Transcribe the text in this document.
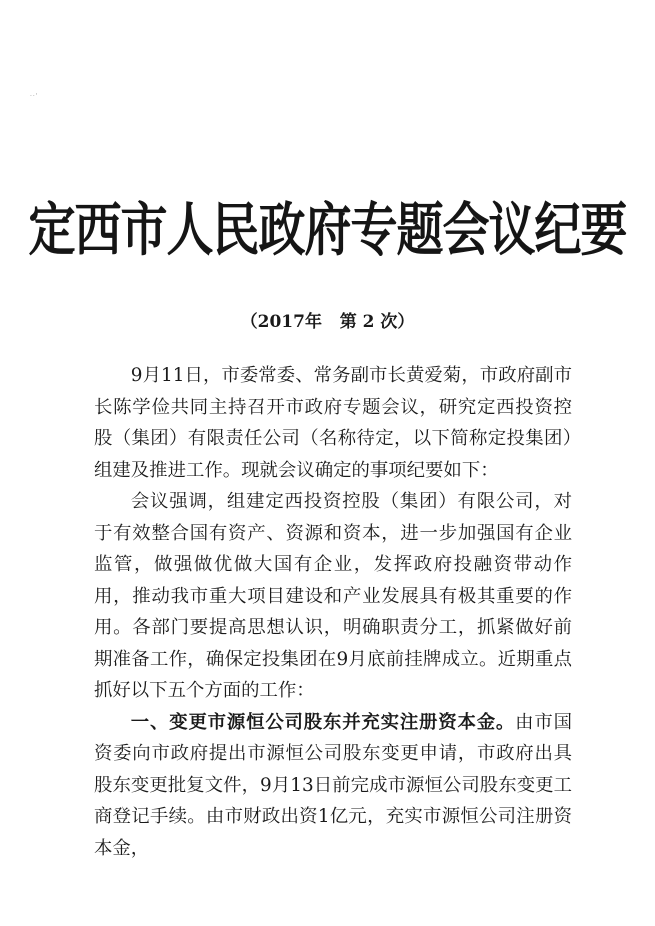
··'
定西市人民政府专题会议纪要
（2017年   第 2 次）

9月11日，市委常委、常务副市长黄爱菊，市政府副市长陈学俭共同主持召开市政府专题会议，研究定西投资控股（集团）有限责任公司（名称待定，以下简称定投集团）组建及推进工作。现就会议确定的事项纪要如下：

会议强调，组建定西投资控股（集团）有限公司，对于有效整合国有资产、资源和资本，进一步加强国有企业监管，做强做优做大国有企业，发挥政府投融资带动作用，推动我市重大项目建设和产业发展具有极其重要的作用。各部门要提高思想认识，明确职责分工，抓紧做好前期准备工作，确保定投集团在9月底前挂牌成立。近期重点抓好以下五个方面的工作：

一、变更市源恒公司股东并充实注册资本金。由市国资委向市政府提出市源恒公司股东变更申请，市政府出具股东变更批复文件，9月13日前完成市源恒公司股东变更工商登记手续。由市财政出资1亿元，充实市源恒公司注册资本金，
